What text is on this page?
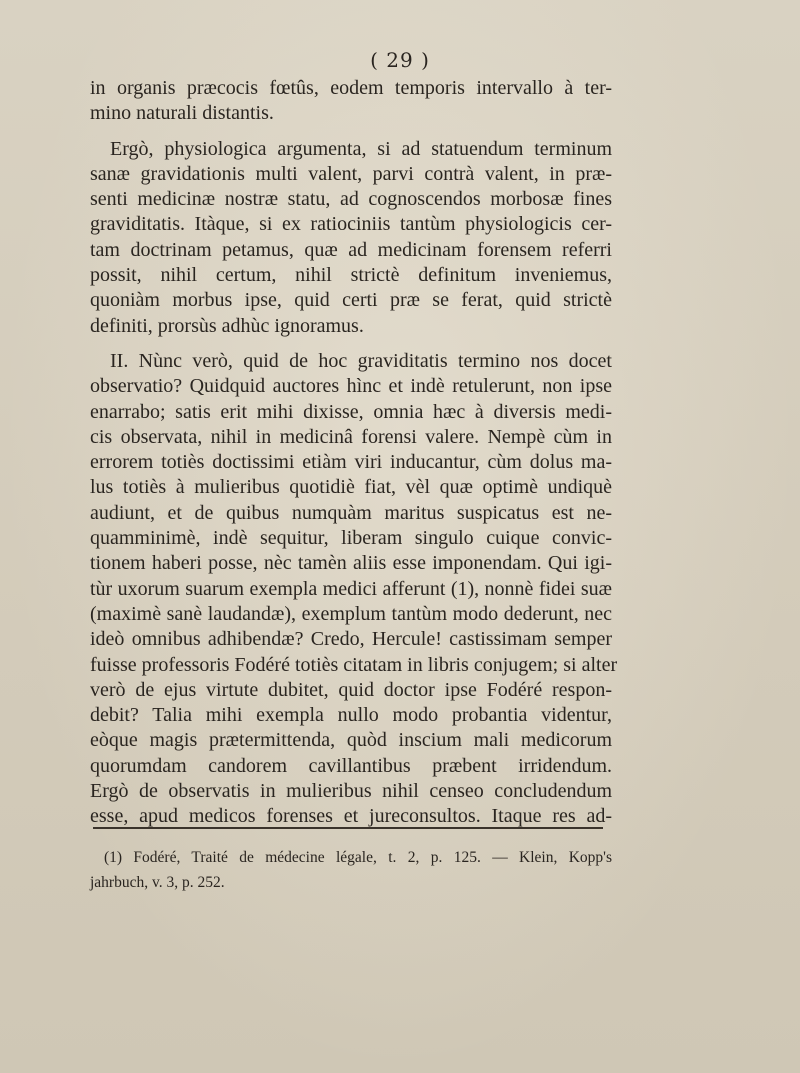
( 29 )
in organis præcocis fœtûs, eodem temporis intervallo à ter-
mino naturali distantis.
Ergò, physiologica argumenta, si ad statuendum terminum
sanæ gravidationis multi valent, parvi contrà valent, in præ-
senti medicinæ nostræ statu, ad cognoscendos morbosæ fines
graviditatis. Itàque, si ex ratiociniis tantùm physiologicis cer-
tam doctrinam petamus, quæ ad medicinam forensem referri
possit, nihil certum, nihil strictè definitum inveniemus,
quoniàm morbus ipse, quid certi præ se ferat, quid strictè
definiti, prorsùs adhùc ignoramus.
II. Nùnc verò, quid de hoc graviditatis termino nos docet
observatio? Quidquid auctores hìnc et indè retulerunt, non ipse
enarrabo; satis erit mihi dixisse, omnia hæc à diversis medi-
cis observata, nihil in medicinâ forensi valere. Nempè cùm in
errorem totiès doctissimi etiàm viri inducantur, cùm dolus ma-
lus totiès à mulieribus quotidiè fiat, vèl quæ optimè undiquè
audiunt, et de quibus numquàm maritus suspicatus est ne-
quamminimè, indè sequitur, liberam singulo cuique convic-
tionem haberi posse, nèc tamèn aliis esse imponendam. Qui igi-
tùr uxorum suarum exempla medici afferunt (1), nonnè fidei suæ
(maximè sanè laudandæ), exemplum tantùm modo dederunt, nec
ideò omnibus adhibendæ? Credo, Hercule! castissimam semper
fuisse professoris Fodéré totiès citatam in libris conjugem; si alter
verò de ejus virtute dubitet, quid doctor ipse Fodéré respon-
debit? Talia mihi exempla nullo modo probantia videntur,
eòque magis prætermittenda, quòd inscium mali medicorum
quorumdam candorem cavillantibus præbent irridendum.
Ergò de observatis in mulieribus nihil censeo concludendum
esse, apud medicos forenses et jureconsultos. Itaque res ad-
(1) Fodéré, Traité de médecine légale, t. 2, p. 125. — Klein, Kopp's
jahrbuch, v. 3, p. 252.
